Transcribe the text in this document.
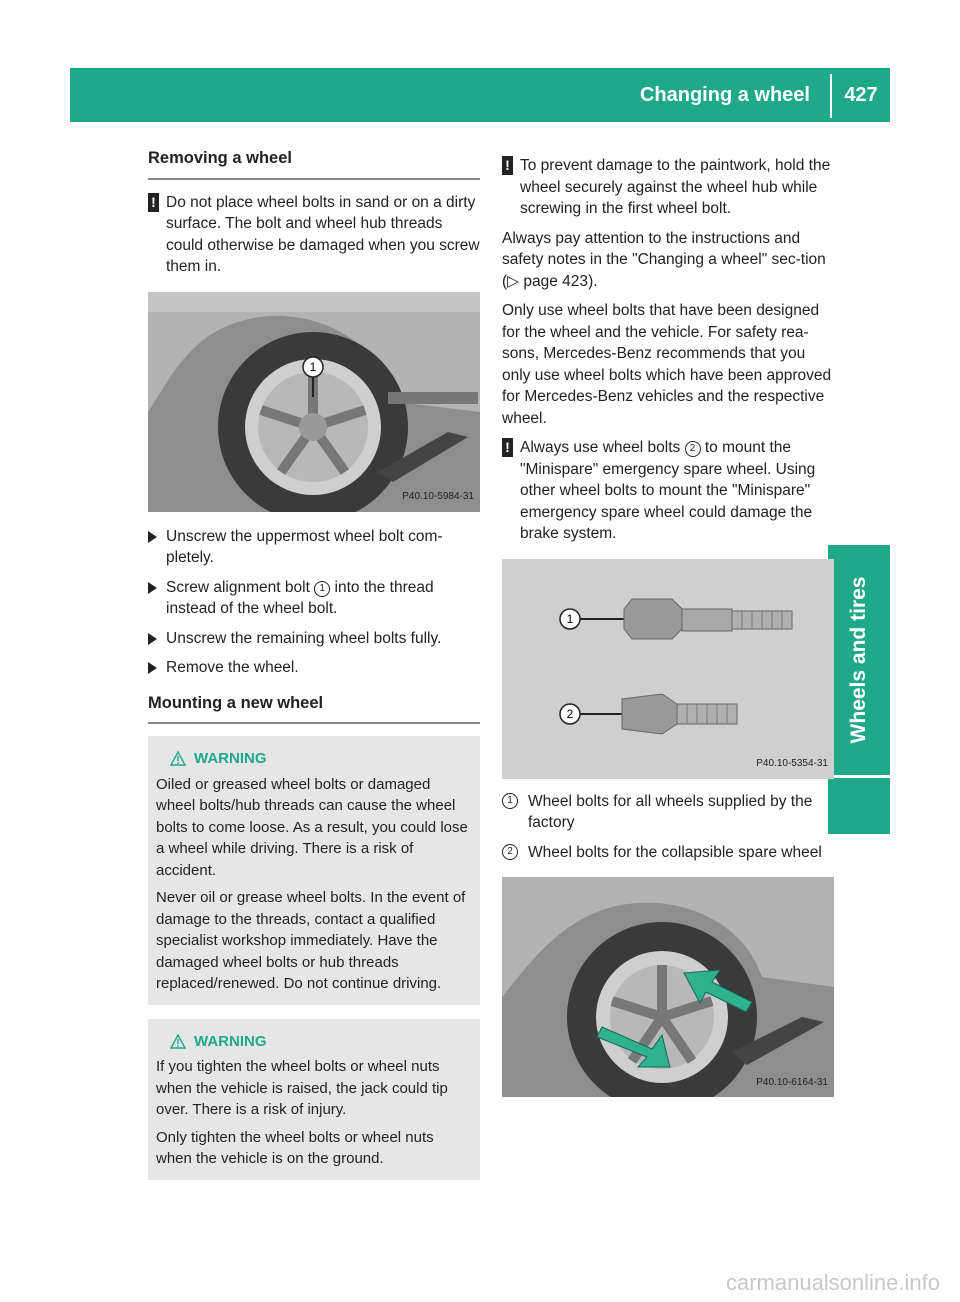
Changing a wheel	427
Wheels and tires
Removing a wheel
! Do not place wheel bolts in sand or on a dirty surface. The bolt and wheel hub threads could otherwise be damaged when you screw them in.
1
P40.10-5984-31
Unscrew the uppermost wheel bolt com-pletely.
Screw alignment bolt 1 into the thread instead of the wheel bolt.
Unscrew the remaining wheel bolts fully.
Remove the wheel.
Mounting a new wheel
WARNING

Oiled or greased wheel bolts or damaged wheel bolts/hub threads can cause the wheel bolts to come loose. As a result, you could lose a wheel while driving. There is a risk of accident.

Never oil or grease wheel bolts. In the event of damage to the threads, contact a qualified specialist workshop immediately. Have the damaged wheel bolts or hub threads replaced/renewed. Do not continue driving.

WARNING

If you tighten the wheel bolts or wheel nuts when the vehicle is raised, the jack could tip over. There is a risk of injury.

Only tighten the wheel bolts or wheel nuts when the vehicle is on the ground.

! To prevent damage to the paintwork, hold the wheel securely against the wheel hub while screwing in the first wheel bolt.

Always pay attention to the instructions and safety notes in the "Changing a wheel" sec-tion (▷ page 423).

Only use wheel bolts that have been designed for the wheel and the vehicle. For safety rea-sons, Mercedes-Benz recommends that you only use wheel bolts which have been approved for Mercedes-Benz vehicles and the respective wheel.

! Always use wheel bolts 2 to mount the "Minispare" emergency spare wheel. Using other wheel bolts to mount the "Minispare" emergency spare wheel could damage the brake system.
1
2
P40.10-5354-31
1 Wheel bolts for all wheels supplied by the factory
2 Wheel bolts for the collapsible spare wheel
P40.10-6164-31
carmanualsonline.info
